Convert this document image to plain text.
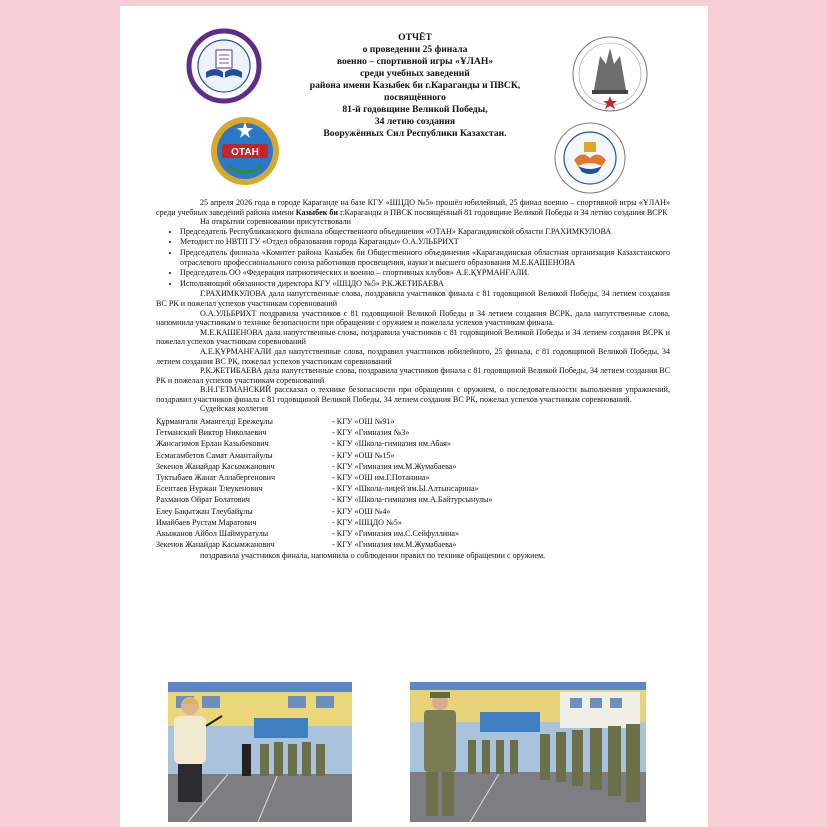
Қарағанды қаласының білім бө
ОТАН
ОТЧЁТ
о проведении 25 финала
военно – спортивной игры «ҰЛАН»
среди учебных заведений
района имени Казыбек би г.Караганды и ПВСК,
посвящённого
81-й годовщине Великой Победы,
34 летию создания
Вооружённых Сил Республики Казахстан.

25 апреля 2026 года в городе Караганде на базе КГУ «ШЦДО №5» прошёл юбилейный, 25 финал военно – спортивной игры «ҰЛАН» среди учебных заведений района имени Казыбек би г.Караганды и ПВСК посвящённый 81 годовщине Великой Победы и 34 летию создания ВСРК

На открытии соревновании присутствовали

• Председатель Республиканского филиала общественного объединения «ОТАН» Карагандинской области Г.РАХИМКУЛОВА
• Методист по НВТП ГУ «Отдел образования города Караганды» О.А.УЛЬБРИХТ
• Председатель филиала «Комитет района Казыбек би Общественного объединения «Карагандинская областная организация Казахстанского отраслевого профессионального союза работников просвещения, науки и высшего образования М.Е.КАШЕНОВА
• Председатель ОО «Федерация патриотических и военно – спортивных клубов» А.Е.ҚҰРМАНҒАЛИ.
• Исполняющий обязанности директора КГУ «ШЦДО №5» Р.К.ЖЕТИБАЕВА

Г.РАХИМКУЛОВА дала напутственные слова, поздравила участников финала с 81 годовщиной Великой Победы, 34 летием создания ВС РК и пожелал успехов участникам соревнований

О.А.УЛЬБРИХТ поздравила участников с 81 годовщиной Великой Победы и 34 летием создания ВСРК, дала напутственные слова, напомнила участникам о технике безопасности при обращении с оружием и пожелала успехов участникам финала.

М.Е.КАШЕНОВА дала напутственные слова, поздравила участников с 81 годовщиной Великой Победы и 34 летием создания ВСРК и пожелал успехов участникам соревнований

А.Е.ҚҰРМАНҒАЛИ дал напутственные слова, поздравил участников юбилейного, 25 финала, с 81 годовщиной Великой Победы, 34 летием создания ВС РК, пожелал успехов участникам соревнований

Р.К.ЖЕТИБАЕВА дала напутственные слова, поздравила участников финала с 81 годовщиной Великой Победы, 34 летием создания ВС РК и пожелал успехов участникам соревнований

В.Н.ГЕТМАНСКИЙ рассказал о технике безопасности при обращении с оружием, о последовательности выполнения упражнений, поздравил участников финала с 81 годовщиной Великой Победы, 34 летием создания ВС РК, пожелал успехов участникам соревнований.

Судейская коллегия

Құрманғали Амангелді Ережеұлы	- КГУ «ОШ №91»
Гетманский Виктор Николаевич	- КГУ «Гимназия №3»
Жансагимов Ерлан Казыбекович	- КГУ «Школа-гимназия им.Абая»
Есмагамбетов Самат Амантайулы	- КГУ «ОШ №15»
Зекенов Жанайдар Касымжанович	- КГУ «Гимназия им.М.Жумабаева»
Туктыбаев Жанат Аллабергенович	- КГУ «ОШ им.Г.Потанина»
Есентаев Нуржан Тлеукенович	- КГУ «Школа-лицей им.Ы.Алтынсарина»
Рахманов Ойрат Болатович	- КГУ «Школа-гимназия им.А.Байтурсынулы»
Елеу Бақытжан Тлеубайұлы	- КГУ «ОШ №4»
Имайбаев Рустам Маратович	- КГУ «ШЦДО №5»
Акыжанов Айбол Шаймуратулы	- КГУ «Гимназия им.С.Сейфуллина»
Зекенов Жанайдар Касымжанович	- КГУ «Гимназия им.М.Жумабаева»
поздравила участников финала, напомнила о соблюдении правил по технике обращении с оружием.
